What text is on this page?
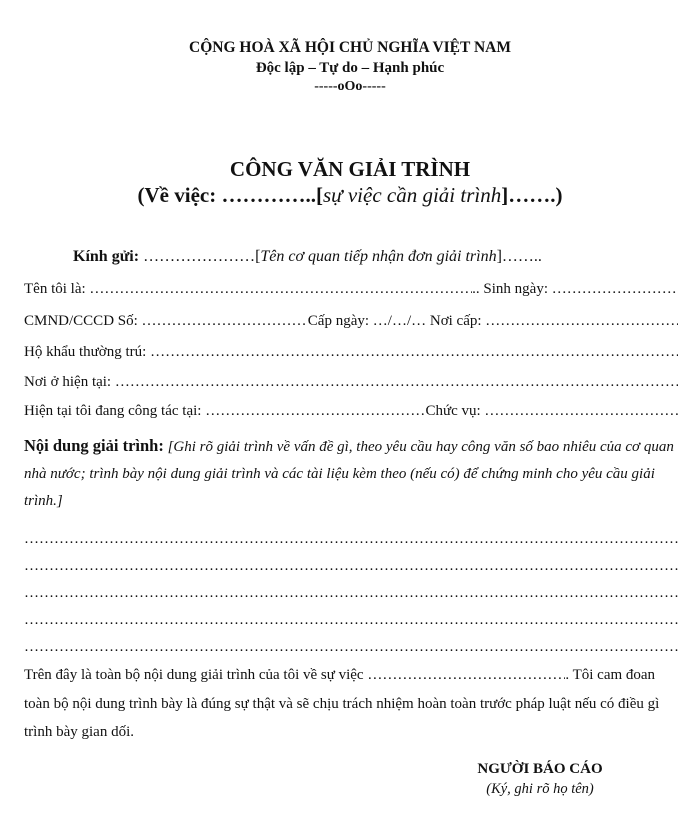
CỘNG HOÀ XÃ HỘI CHỦ NGHĨA VIỆT NAM
Độc lập – Tự do – Hạnh phúc
-----oOo-----
CÔNG VĂN GIẢI TRÌNH
(Về việc: …………..[sự việc cần giải trình]…….)
Kính gửi: …………………[Tên cơ quan tiếp nhận đơn giải trình]……..
Tên tôi là: ……………………………………………………………………………………………………………………………………………………………………………………	.. Sinh ngày:
……………………………………………………………………………………
CMND/CCCD Số: ……………………………………………………………………………………	Cấp ngày: …/…/… Nơi cấp:
……………………………………………………………………………………………………………………………………………………………………………………
Hộ khẩu thường trú:
……………………………………………………………………………………………………………………………………………………………………………………
Nơi ở hiện tại:
……………………………………………………………………………………………………………………………………………………………………………………
Hiện tại tôi đang công tác tại: ……………………………………………………………………………………	Chức vụ:
……………………………………………………………………………………………………………………………………………………………………………………
Nội dung giải trình: [Ghi rõ giải trình về vấn đề gì, theo yêu cầu hay công văn số bao nhiêu của cơ quan nhà nước; trình bày nội dung giải trình và các tài liệu kèm theo (nếu có) để chứng minh cho yêu cầu giải trình.]
…………………………………………………………………………………………………………………………………………………………………………………………………
…………………………………………………………………………………………………………………………………………………………………………………………………
…………………………………………………………………………………………………………………………………………………………………………………………………
…………………………………………………………………………………………………………………………………………………………………………………………………
…………………………………………………………………………………………………………………………………………………………………………………………………
Trên đây là toàn bộ nội dung giải trình của tôi về sự việc ……………………………………………………………	. Tôi cam đoan toàn bộ nội dung trình bày là đúng sự thật và sẽ chịu trách nhiệm hoàn toàn trước pháp luật nếu có điều gì trình bày gian dối.
NGƯỜI BÁO CÁO
(Ký, ghi rõ họ tên)
